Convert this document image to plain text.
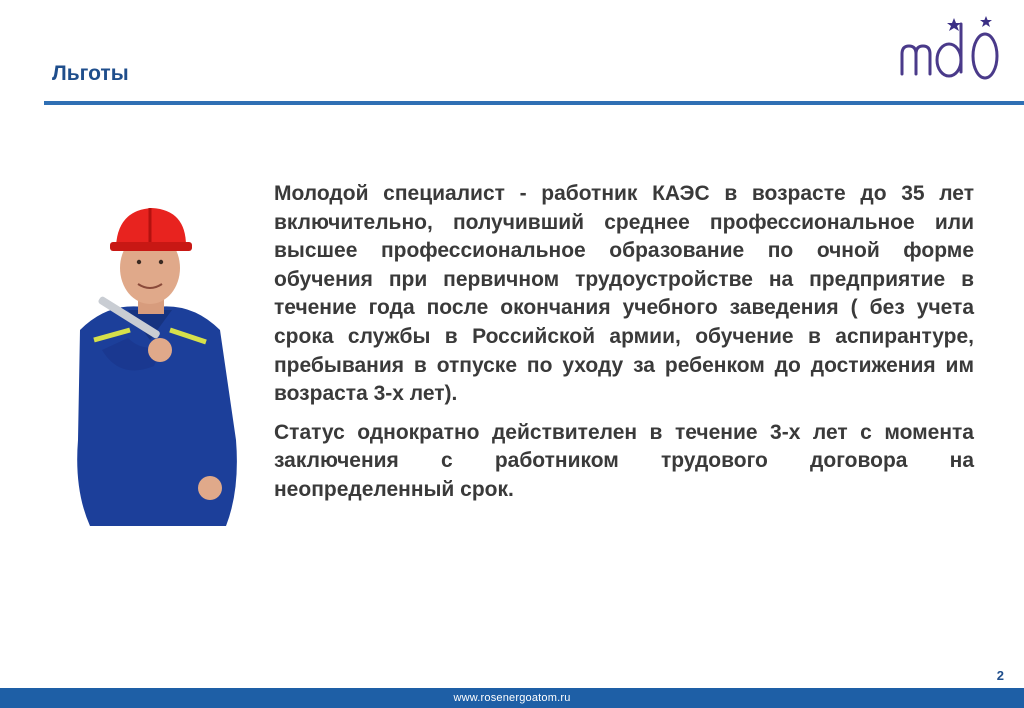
Льготы

Молодой специалист - работник КАЭС в возрасте до 35 лет включительно, получивший среднее профессиональное или высшее профессиональное образование по очной форме обучения при первичном трудоустройстве на предприятие в течение года после окончания учебного заведения ( без учета срока службы в Российской армии, обучение в аспирантуре, пребывания в отпуске по уходу за ребенком до достижения им возраста 3-х лет).

Статус однократно действителен в течение 3-х лет с момента заключения с работником трудового договора на неопределенный срок.

2
www.rosenergoatom.ru
